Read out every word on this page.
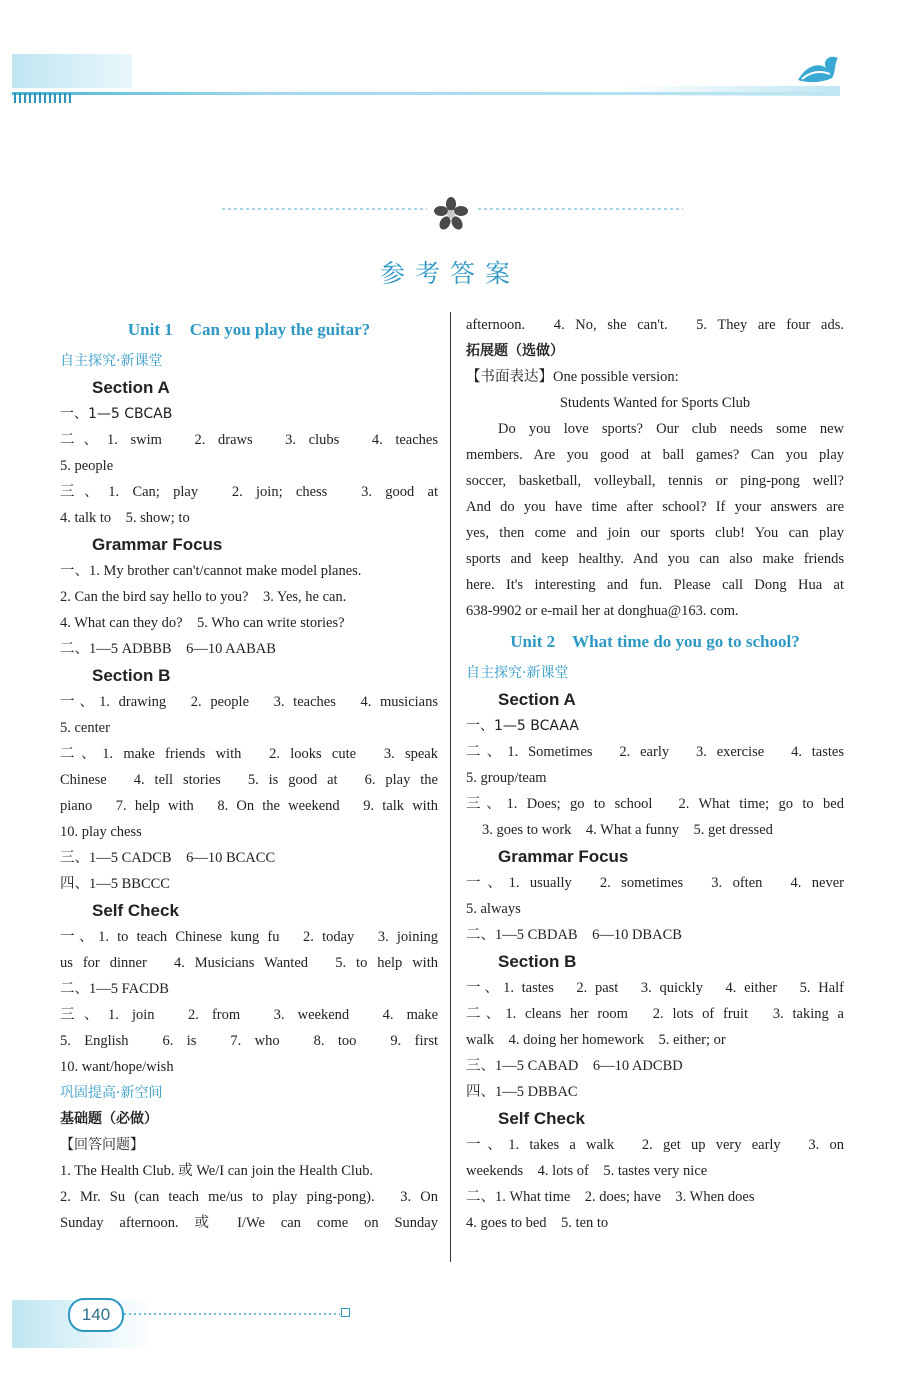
参考答案
Unit 1　Can you play the guitar?
自主探究·新课堂
Section A
一、1—5 CBCAB
二、1. swim　2. draws　3. clubs　4. teaches
5. people
三、1. Can; play　2. join; chess　3. good at
4. talk to　5. show; to
Grammar Focus
一、1. My brother can't/cannot make model planes.
2. Can the bird say hello to you?　3. Yes, he can.
4. What can they do?　5. Who can write stories?
二、1—5 ADBBB　6—10 AABAB
Section B
一、1. drawing　2. people　3. teaches　4. musicians
5. center
二、1. make friends with　2. looks cute　3. speak
Chinese　4. tell stories　5. is good at　6. play the
piano　7. help with　8. On the weekend　9. talk with
10. play chess
三、1—5 CADCB　6—10 BCACC
四、1—5 BBCCC
Self Check
一、1. to teach Chinese kung fu　2. today　3. joining
us for dinner　4. Musicians Wanted　5. to help with
二、1—5 FACDB
三、1. join　2. from　3. weekend　4. make
5. English　6. is　7. who　8. too　9. first
10. want/hope/wish
巩固提高·新空间
基础题（必做）
【回答问题】
1. The Health Club. 或 We/I can join the Health Club.
2. Mr. Su (can teach me/us to play ping-pong).　3. On
Sunday afternoon. 或 I/We can come on Sunday
afternoon.　4. No, she can't.　5. They are four ads.
拓展题（选做）
【书面表达】One possible version:
Students Wanted for Sports Club
Do you love sports? Our club needs some new
members. Are you good at ball games? Can you play
soccer, basketball, volleyball, tennis or ping-pong well?
And do you have time after school? If your answers are
yes, then come and join our sports club! You can play
sports and keep healthy. And you can also make friends
here. It's interesting and fun. Please call Dong Hua at
638-9902 or e-mail her at donghua@163. com.
Unit 2　What time do you go to school?
自主探究·新课堂
Section A
一、1—5 BCAAA
二、1. Sometimes　2. early　3. exercise　4. tastes
5. group/team
三、1. Does; go to school　2. What time; go to bed
3. goes to work　4. What a funny　5. get dressed
Grammar Focus
一、1. usually　2. sometimes　3. often　4. never
5. always
二、1—5 CBDAB　6—10 DBACB
Section B
一、1. tastes　2. past　3. quickly　4. either　5. Half
二、1. cleans her room　2. lots of fruit　3. taking a
walk　4. doing her homework　5. either; or
三、1—5 CABAD　6—10 ADCBD
四、1—5 DBBAC
Self Check
一、1. takes a walk　2. get up very early　3. on
weekends　4. lots of　5. tastes very nice
二、1. What time　2. does; have　3. When does
4. goes to bed　5. ten to
140
